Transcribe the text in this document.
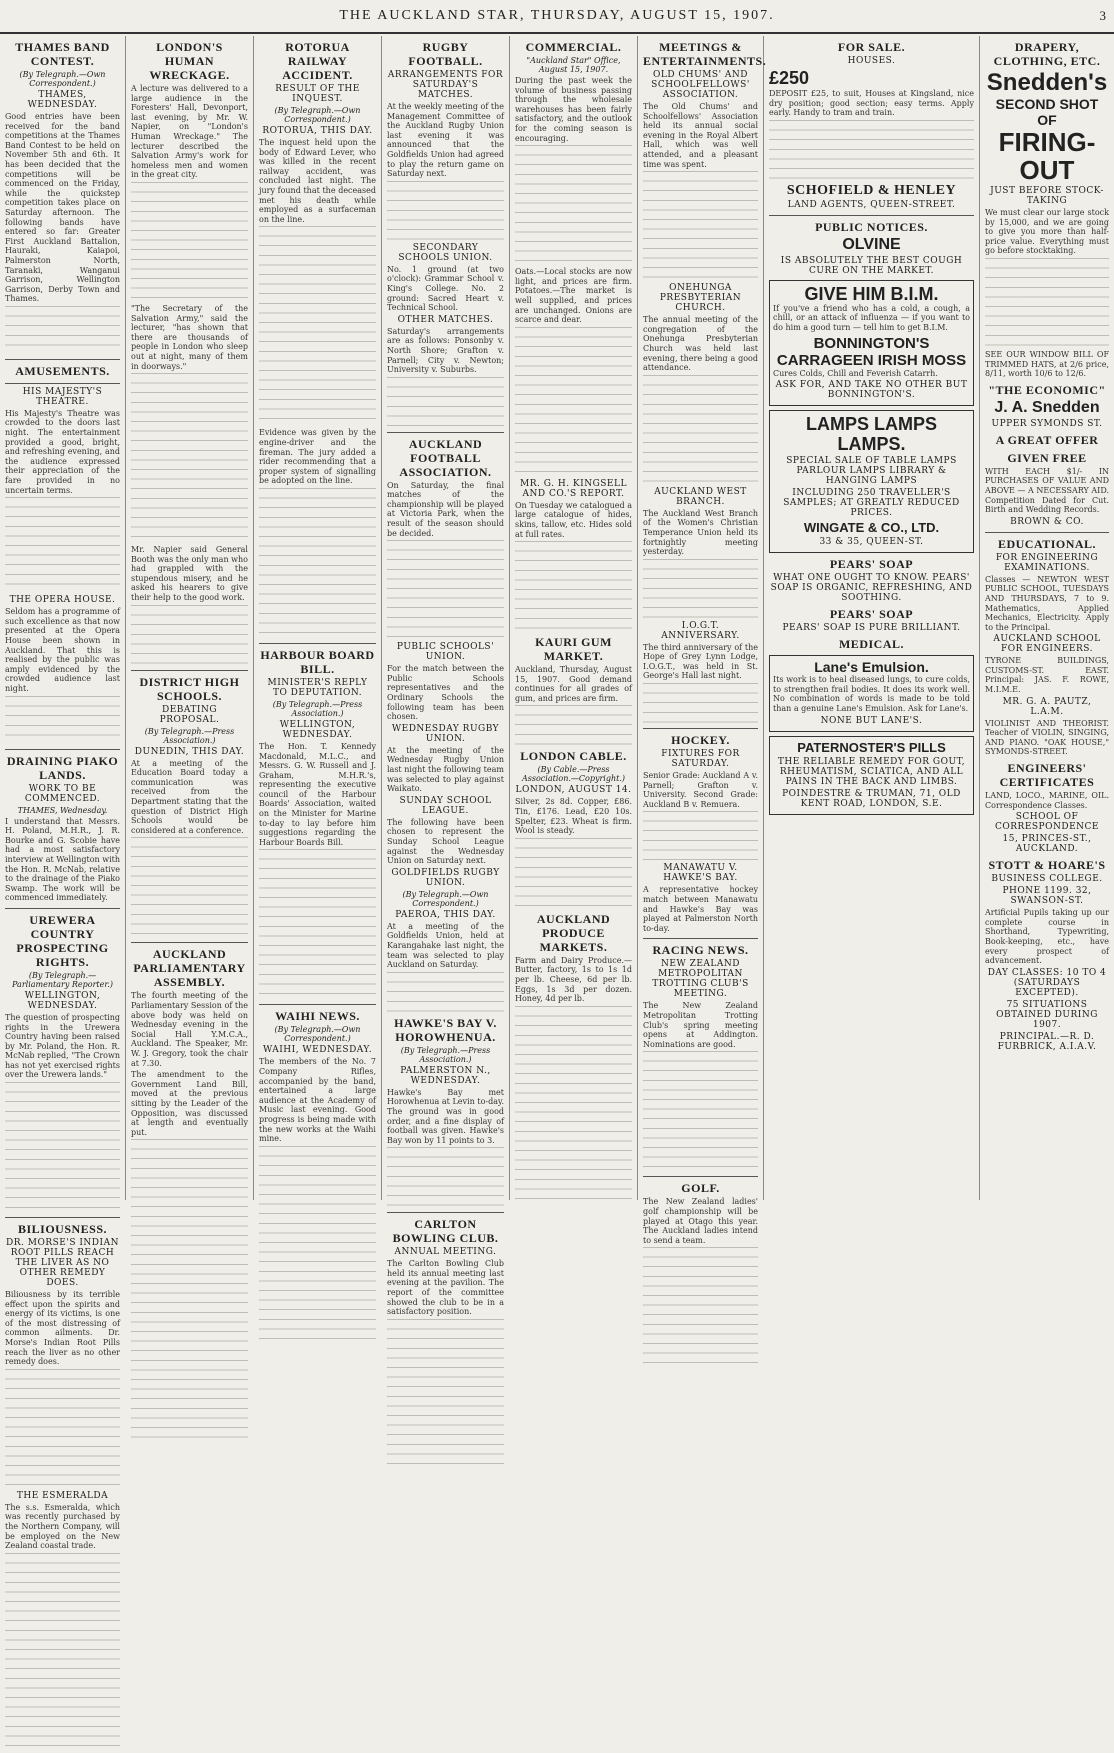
THE AUCKLAND STAR, THURSDAY, AUGUST 15, 1907.	3
THAMES BAND CONTEST.
(By Telegraph.—Own Correspondent.)
THAMES, WEDNESDAY.

Good entries have been received for the band competitions at the Thames Band Contest to be held on November 5th and 6th. It has been decided that the competitions will be commenced on the Friday, while the quickstep competition takes place on Saturday afternoon. The following bands have entered so far: Greater First Auckland Battalion, Hauraki, Kaiapoi, Palmerston North, Taranaki, Wanganui Garrison, Wellington Garrison, Derby Town and Thames.

AMUSEMENTS.
HIS MAJESTY'S THEATRE.

His Majesty's Theatre was crowded to the doors last night. The entertainment provided a good, bright, and refreshing evening, and the audience expressed their appreciation of the fare provided in no uncertain terms.

THE OPERA HOUSE.

Seldom has a programme of such excellence as that now presented at the Opera House been shown in Auckland. That this is realised by the public was amply evidenced by the crowded audience last night.

DRAINING PIAKO LANDS.
WORK TO BE COMMENCED.
THAMES, Wednesday.

I understand that Messrs. H. Poland, M.H.R., J. R. Bourke and G. Scobie have had a most satisfactory interview at Wellington with the Hon. R. McNab, relative to the drainage of the Piako Swamp. The work will be commenced immediately.

UREWERA COUNTRY PROSPECTING RIGHTS.
(By Telegraph.—Parliamentary Reporter.)
WELLINGTON, WEDNESDAY.

The question of prospecting rights in the Urewera Country having been raised by Mr. Poland, the Hon. R. McNab replied, "The Crown has not yet exercised rights over the Urewera lands."

BILIOUSNESS.
DR. MORSE'S INDIAN ROOT PILLS REACH THE LIVER AS NO OTHER REMEDY DOES.

Biliousness by its terrible effect upon the spirits and energy of its victims, is one of the most distressing of common ailments. Dr. Morse's Indian Root Pills reach the liver as no other remedy does.

THE ESMERALDA

The s.s. Esmeralda, which was recently purchased by the Northern Company, will be employed on the New Zealand coastal trade.

LONDON'S HUMAN WRECKAGE.

A lecture was delivered to a large audience in the Foresters' Hall, Devonport, last evening, by Mr. W. Napier, on "London's Human Wreckage." The lecturer described the Salvation Army's work for homeless men and women in the great city.

"The Secretary of the Salvation Army," said the lecturer, "has shown that there are thousands of people in London who sleep out at night, many of them in doorways."

Mr. Napier said General Booth was the only man who had grappled with the stupendous misery, and he asked his hearers to give their help to the good work.

DISTRICT HIGH SCHOOLS.
DEBATING PROPOSAL.
(By Telegraph.—Press Association.)
DUNEDIN, THIS DAY.

At a meeting of the Education Board today a communication was received from the Department stating that the question of District High Schools would be considered at a conference.

AUCKLAND PARLIAMENTARY ASSEMBLY.

The fourth meeting of the Parliamentary Session of the above body was held on Wednesday evening in the Social Hall Y.M.C.A., Auckland. The Speaker, Mr. W. J. Gregory, took the chair at 7.30.

The amendment to the Government Land Bill, moved at the previous sitting by the Leader of the Opposition, was discussed at length and eventually put.

ROTORUA RAILWAY ACCIDENT.
RESULT OF THE INQUEST.
(By Telegraph.—Own Correspondent.)
ROTORUA, THIS DAY.

The inquest held upon the body of Edward Lever, who was killed in the recent railway accident, was concluded last night. The jury found that the deceased met his death while employed as a surfaceman on the line.

Evidence was given by the engine-driver and the fireman. The jury added a rider recommending that a proper system of signalling be adopted on the line.

HARBOUR BOARD BILL.
MINISTER'S REPLY TO DEPUTATION.
(By Telegraph.—Press Association.)
WELLINGTON, WEDNESDAY.

The Hon. T. Kennedy Macdonald, M.L.C., and Messrs. G. W. Russell and J. Graham, M.H.R.'s, representing the executive council of the Harbour Boards' Association, waited on the Minister for Marine to-day to lay before him suggestions regarding the Harbour Boards Bill.

WAIHI NEWS.
(By Telegraph.—Own Correspondent.)
WAIHI, WEDNESDAY.

The members of the No. 7 Company Rifles, accompanied by the band, entertained a large audience at the Academy of Music last evening. Good progress is being made with the new works at the Waihi mine.

RUGBY FOOTBALL.
ARRANGEMENTS FOR SATURDAY'S MATCHES.

At the weekly meeting of the Management Committee of the Auckland Rugby Union last evening it was announced that the Goldfields Union had agreed to play the return game on Saturday next.

SECONDARY SCHOOLS UNION.

No. 1 ground (at two o'clock): Grammar School v. King's College. No. 2 ground: Sacred Heart v. Technical School.

OTHER MATCHES.

Saturday's arrangements are as follows: Ponsonby v. North Shore; Grafton v. Parnell; City v. Newton; University v. Suburbs.

AUCKLAND FOOTBALL ASSOCIATION.

On Saturday, the final matches of the championship will be played at Victoria Park, when the result of the season should be decided.

PUBLIC SCHOOLS' UNION.

For the match between the Public Schools representatives and the Ordinary Schools the following team has been chosen.

WEDNESDAY RUGBY UNION.

At the meeting of the Wednesday Rugby Union last night the following team was selected to play against Waikato.

SUNDAY SCHOOL LEAGUE.

The following have been chosen to represent the Sunday School League against the Wednesday Union on Saturday next.

GOLDFIELDS RUGBY UNION.
(By Telegraph.—Own Correspondent.)
PAEROA, THIS DAY.

At a meeting of the Goldfields Union, held at Karangahake last night, the team was selected to play Auckland on Saturday.

HAWKE'S BAY V. HOROWHENUA.
(By Telegraph.—Press Association.)
PALMERSTON N., WEDNESDAY.

Hawke's Bay met Horowhenua at Levin to-day. The ground was in good order, and a fine display of football was given. Hawke's Bay won by 11 points to 3.

CARLTON BOWLING CLUB.
ANNUAL MEETING.

The Carlton Bowling Club held its annual meeting last evening at the pavilion. The report of the committee showed the club to be in a satisfactory position.

COMMERCIAL.
"Auckland Star" Office, August 15, 1907.

During the past week the volume of business passing through the wholesale warehouses has been fairly satisfactory, and the outlook for the coming season is encouraging.

Oats.—Local stocks are now light, and prices are firm. Potatoes.—The market is well supplied, and prices are unchanged. Onions are scarce and dear.

MR. G. H. KINGSELL AND CO.'S REPORT.

On Tuesday we catalogued a large catalogue of hides, skins, tallow, etc. Hides sold at full rates.

KAURI GUM MARKET.

Auckland, Thursday, August 15, 1907. Good demand continues for all grades of gum, and prices are firm.

LONDON CABLE.
(By Cable.—Press Association.—Copyright.)
LONDON, AUGUST 14.

Silver, 2s 8d. Copper, £86. Tin, £176. Lead, £20 10s. Spelter, £23. Wheat is firm. Wool is steady.

AUCKLAND PRODUCE MARKETS.

Farm and Dairy Produce.—Butter, factory, 1s to 1s 1d per lb. Cheese, 6d per lb. Eggs, 1s 3d per dozen. Honey, 4d per lb.

MEETINGS & ENTERTAINMENTS.
OLD CHUMS' AND SCHOOLFELLOWS' ASSOCIATION.

The Old Chums' and Schoolfellows' Association held its annual social evening in the Royal Albert Hall, which was well attended, and a pleasant time was spent.

ONEHUNGA PRESBYTERIAN CHURCH.

The annual meeting of the congregation of the Onehunga Presbyterian Church was held last evening, there being a good attendance.

AUCKLAND WEST BRANCH.

The Auckland West Branch of the Women's Christian Temperance Union held its fortnightly meeting yesterday.

I.O.G.T. ANNIVERSARY.

The third anniversary of the Hope of Grey Lynn Lodge, I.O.G.T., was held in St. George's Hall last night.

HOCKEY.
FIXTURES FOR SATURDAY.

Senior Grade: Auckland A v. Parnell; Grafton v. University. Second Grade: Auckland B v. Remuera.

MANAWATU V. HAWKE'S BAY.

A representative hockey match between Manawatu and Hawke's Bay was played at Palmerston North to-day.

RACING NEWS.
NEW ZEALAND METROPOLITAN TROTTING CLUB'S MEETING.

The New Zealand Metropolitan Trotting Club's spring meeting opens at Addington. Nominations are good.

GOLF.

The New Zealand ladies' golf championship will be played at Otago this year. The Auckland ladies intend to send a team.

FOR SALE.
HOUSES.
£250

DEPOSIT £25, to suit, Houses at Kingsland, nice dry position; good section; easy terms. Apply early. Handy to tram and train.

SCHOFIELD & HENLEY
LAND AGENTS, QUEEN-STREET.
PUBLIC NOTICES.
OLVINE
IS ABSOLUTELY THE BEST COUGH CURE ON THE MARKET.
GIVE HIM B.I.M.

If you've a friend who has a cold, a cough, a chill, or an attack of influenza — if you want to do him a good turn — tell him to get B.I.M.

BONNINGTON'S CARRAGEEN IRISH MOSS

Cures Colds, Chill and Feverish Catarrh.

ASK FOR, AND TAKE NO OTHER BUT BONNINGTON'S.
LAMPS LAMPS LAMPS.
SPECIAL SALE OF TABLE LAMPS PARLOUR LAMPS LIBRARY & HANGING LAMPS
INCLUDING 250 TRAVELLER'S SAMPLES; AT GREATLY REDUCED PRICES.
WINGATE & CO., LTD.
33 & 35, QUEEN-ST.
PEARS' SOAP
WHAT ONE OUGHT TO KNOW. PEARS' SOAP IS ORGANIC, REFRESHING, AND SOOTHING.
PEARS' SOAP
PEARS' SOAP IS PURE BRILLIANT.
MEDICAL.
Lane's Emulsion.

Its work is to heal diseased lungs, to cure colds, to strengthen frail bodies. It does its work well. No combination of words is made to be told than a genuine Lane's Emulsion. Ask for Lane's.

NONE BUT LANE'S.
PATERNOSTER'S PILLS
THE RELIABLE REMEDY FOR GOUT, RHEUMATISM, SCIATICA, AND ALL PAINS IN THE BACK AND LIMBS.
POINDESTRE & TRUMAN, 71, OLD KENT ROAD, LONDON, S.E.
DRAPERY, CLOTHING, ETC.
Snedden's
SECOND SHOT OF
FIRING-OUT
JUST BEFORE STOCK-TAKING

We must clear our large stock by 15,000, and we are going to give you more than half-price value. Everything must go before stocktaking.

SEE OUR WINDOW BILL OF TRIMMED HATS, at 2/6 price, 8/11, worth 10/6 to 12/6.

"THE ECONOMIC"
J. A. Snedden
UPPER SYMONDS ST.
A GREAT OFFER
GIVEN FREE

WITH EACH $1/- IN PURCHASES OF VALUE AND ABOVE — A NECESSARY AID. Competition Dated for Cut. Birth and Wedding Records.

BROWN & CO.
EDUCATIONAL.
FOR ENGINEERING EXAMINATIONS.

Classes — NEWTON WEST PUBLIC SCHOOL, TUESDAYS AND THURSDAYS, 7 to 9. Mathematics, Applied Mechanics, Electricity. Apply to the Principal.

AUCKLAND SCHOOL FOR ENGINEERS.

TYRONE BUILDINGS, CUSTOMS-ST. EAST. Principal: JAS. F. ROWE, M.I.M.E.

MR. G. A. PAUTZ, L.A.M.

VIOLINIST AND THEORIST. Teacher of VIOLIN, SINGING, AND PIANO. "OAK HOUSE," SYMONDS-STREET.

ENGINEERS' CERTIFICATES

LAND, LOCO., MARINE, OIL. Correspondence Classes.

SCHOOL OF CORRESPONDENCE
15, PRINCES-ST., AUCKLAND.
STOTT & HOARE'S
BUSINESS COLLEGE.
PHONE 1199. 32, SWANSON-ST.

Artificial Pupils taking up our complete course in Shorthand, Typewriting, Book-keeping, etc., have every prospect of advancement.

DAY CLASSES: 10 TO 4 (SATURDAYS EXCEPTED).
75 SITUATIONS OBTAINED DURING 1907.
PRINCIPAL.—R. D. FURBRICK, A.I.A.V.
